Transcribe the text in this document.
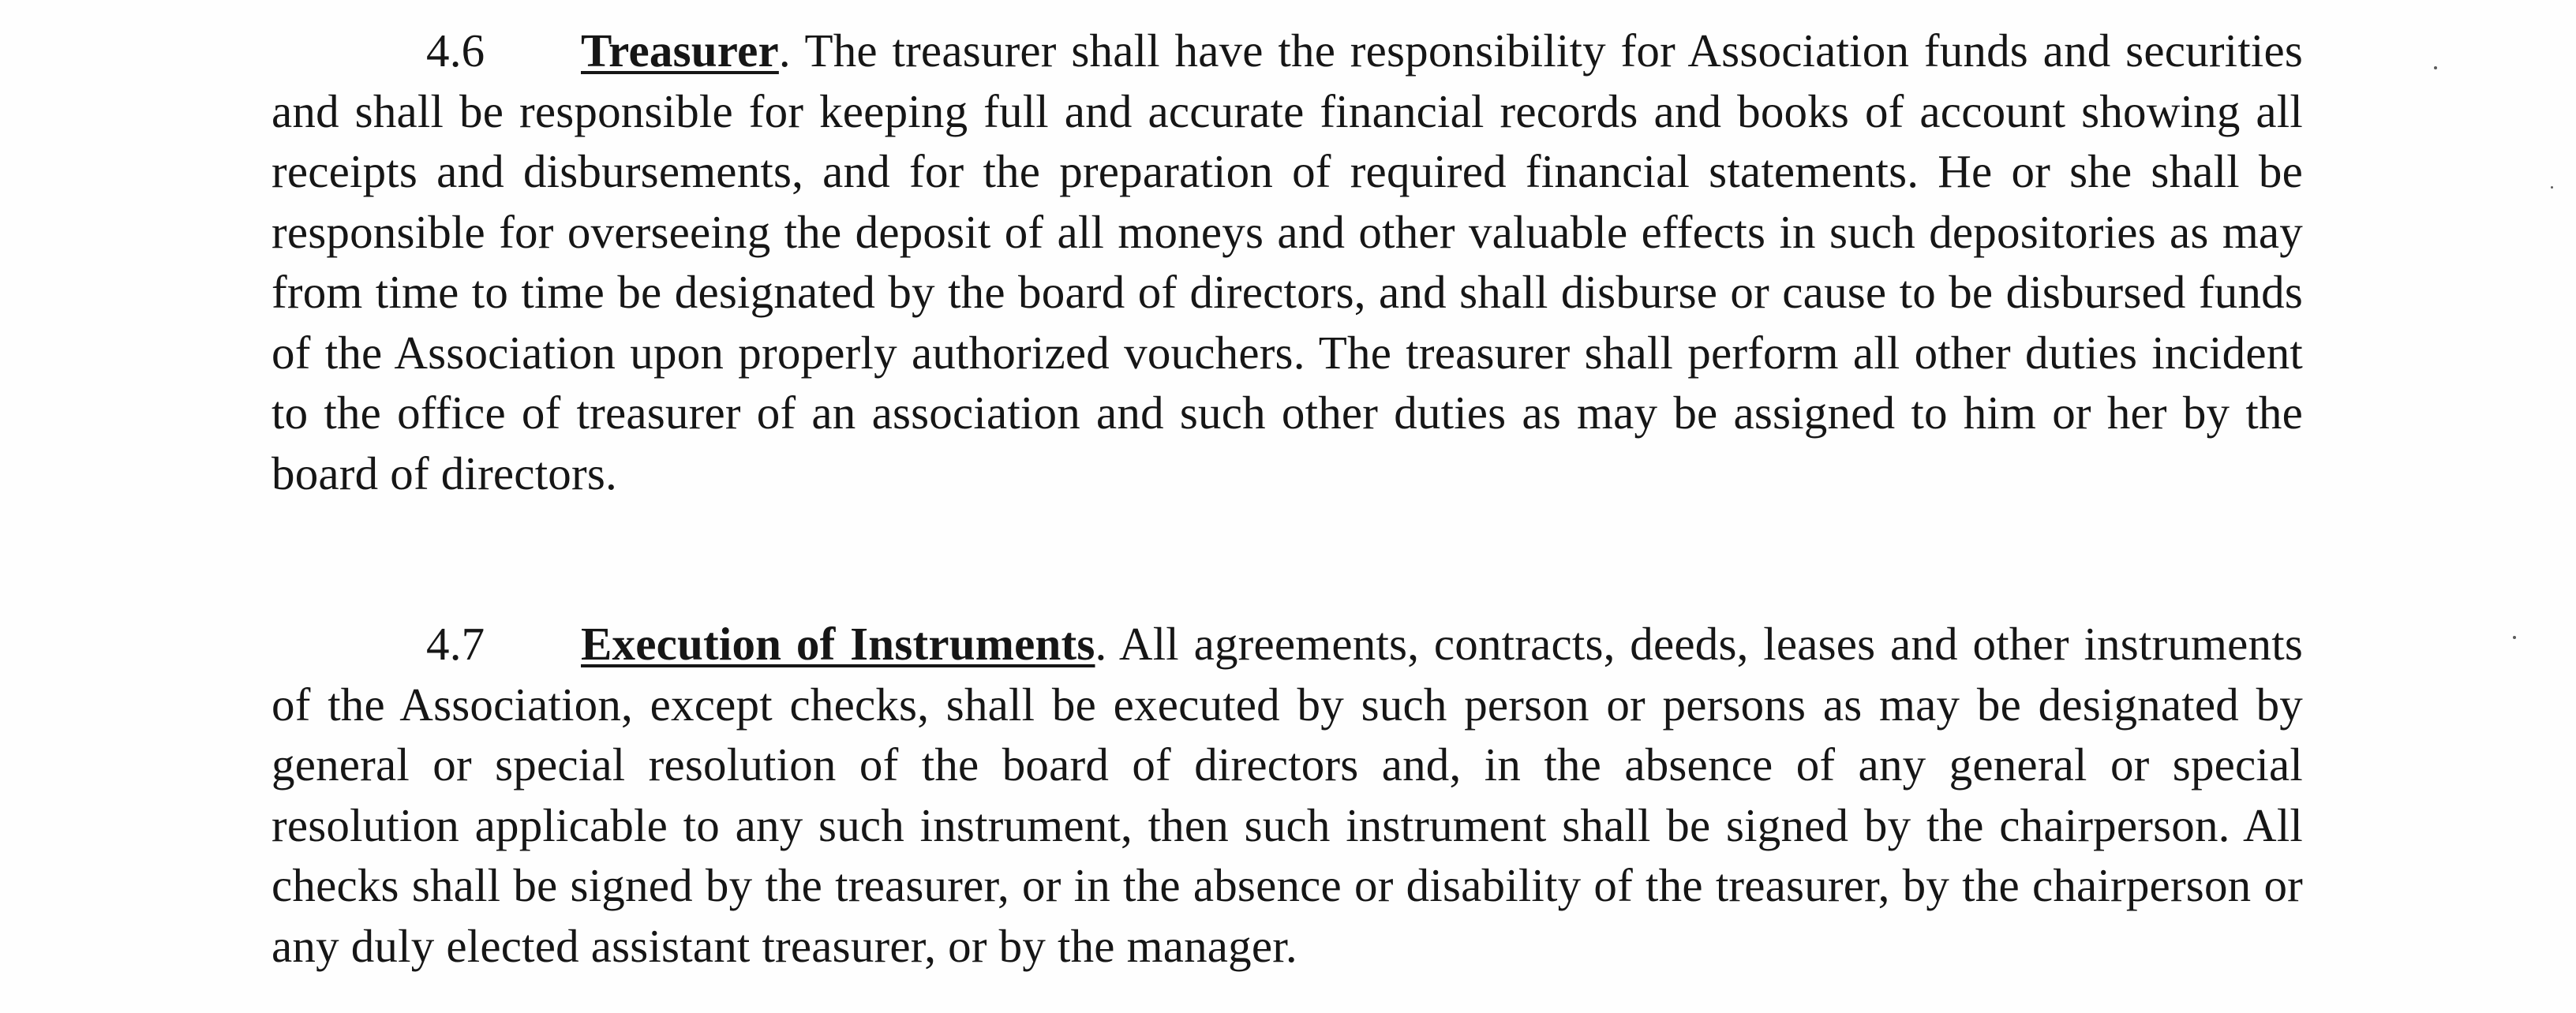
4.6 Treasurer. The treasurer shall have the responsibility for Association funds and securities and shall be responsible for keeping full and accurate financial records and books of account showing all receipts and disbursements, and for the preparation of required financial statements. He or she shall be responsible for overseeing the deposit of all moneys and other valuable effects in such depositories as may from time to time be designated by the board of directors, and shall disburse or cause to be disbursed funds of the Association upon properly authorized vouchers. The treasurer shall perform all other duties incident to the office of treasurer of an association and such other duties as may be assigned to him or her by the board of directors.

4.7 Execution of Instruments. All agreements, contracts, deeds, leases and other instruments of the Association, except checks, shall be executed by such person or persons as may be designated by general or special resolution of the board of directors and, in the absence of any general or special resolution applicable to any such instrument, then such instrument shall be signed by the chairperson. All checks shall be signed by the treasurer, or in the absence or disability of the treasurer, by the chairperson or any duly elected assistant treasurer, or by the manager.
